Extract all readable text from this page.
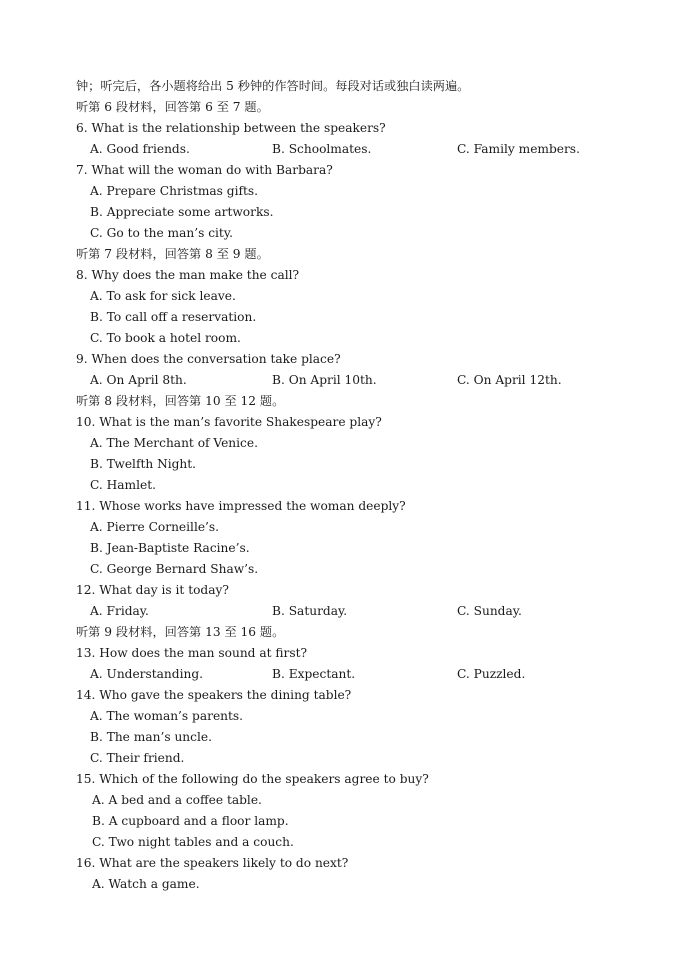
钟；听完后，各小题将给出 5 秒钟的作答时间。每段对话或独白读两遍。
听第 6 段材料，回答第 6 至 7 题。
6. What is the relationship between the speakers?
A. Good friends.	B. Schoolmates.	C. Family members.
7. What will the woman do with Barbara?
A. Prepare Christmas gifts.
B. Appreciate some artworks.
C. Go to the man’s city.
听第 7 段材料，回答第 8 至 9 题。
8. Why does the man make the call?
A. To ask for sick leave.
B. To call off a reservation.
C. To book a hotel room.
9. When does the conversation take place?
A. On April 8th.	B. On April 10th.	C. On April 12th.
听第 8 段材料，回答第 10 至 12 题。
10. What is the man’s favorite Shakespeare play?
A. The Merchant of Venice.
B. Twelfth Night.
C. Hamlet.
11. Whose works have impressed the woman deeply?
A. Pierre Corneille’s.
B. Jean-Baptiste Racine’s.
C. George Bernard Shaw’s.
12. What day is it today?
A. Friday.	B. Saturday.	C. Sunday.
听第 9 段材料，回答第 13 至 16 题。
13. How does the man sound at first?
A. Understanding.	B. Expectant.	C. Puzzled.
14. Who gave the speakers the dining table?
A. The woman’s parents.
B. The man’s uncle.
C. Their friend.
15. Which of the following do the speakers agree to buy?
A. A bed and a coffee table.
B. A cupboard and a floor lamp.
C. Two night tables and a couch.
16. What are the speakers likely to do next?
A. Watch a game.
